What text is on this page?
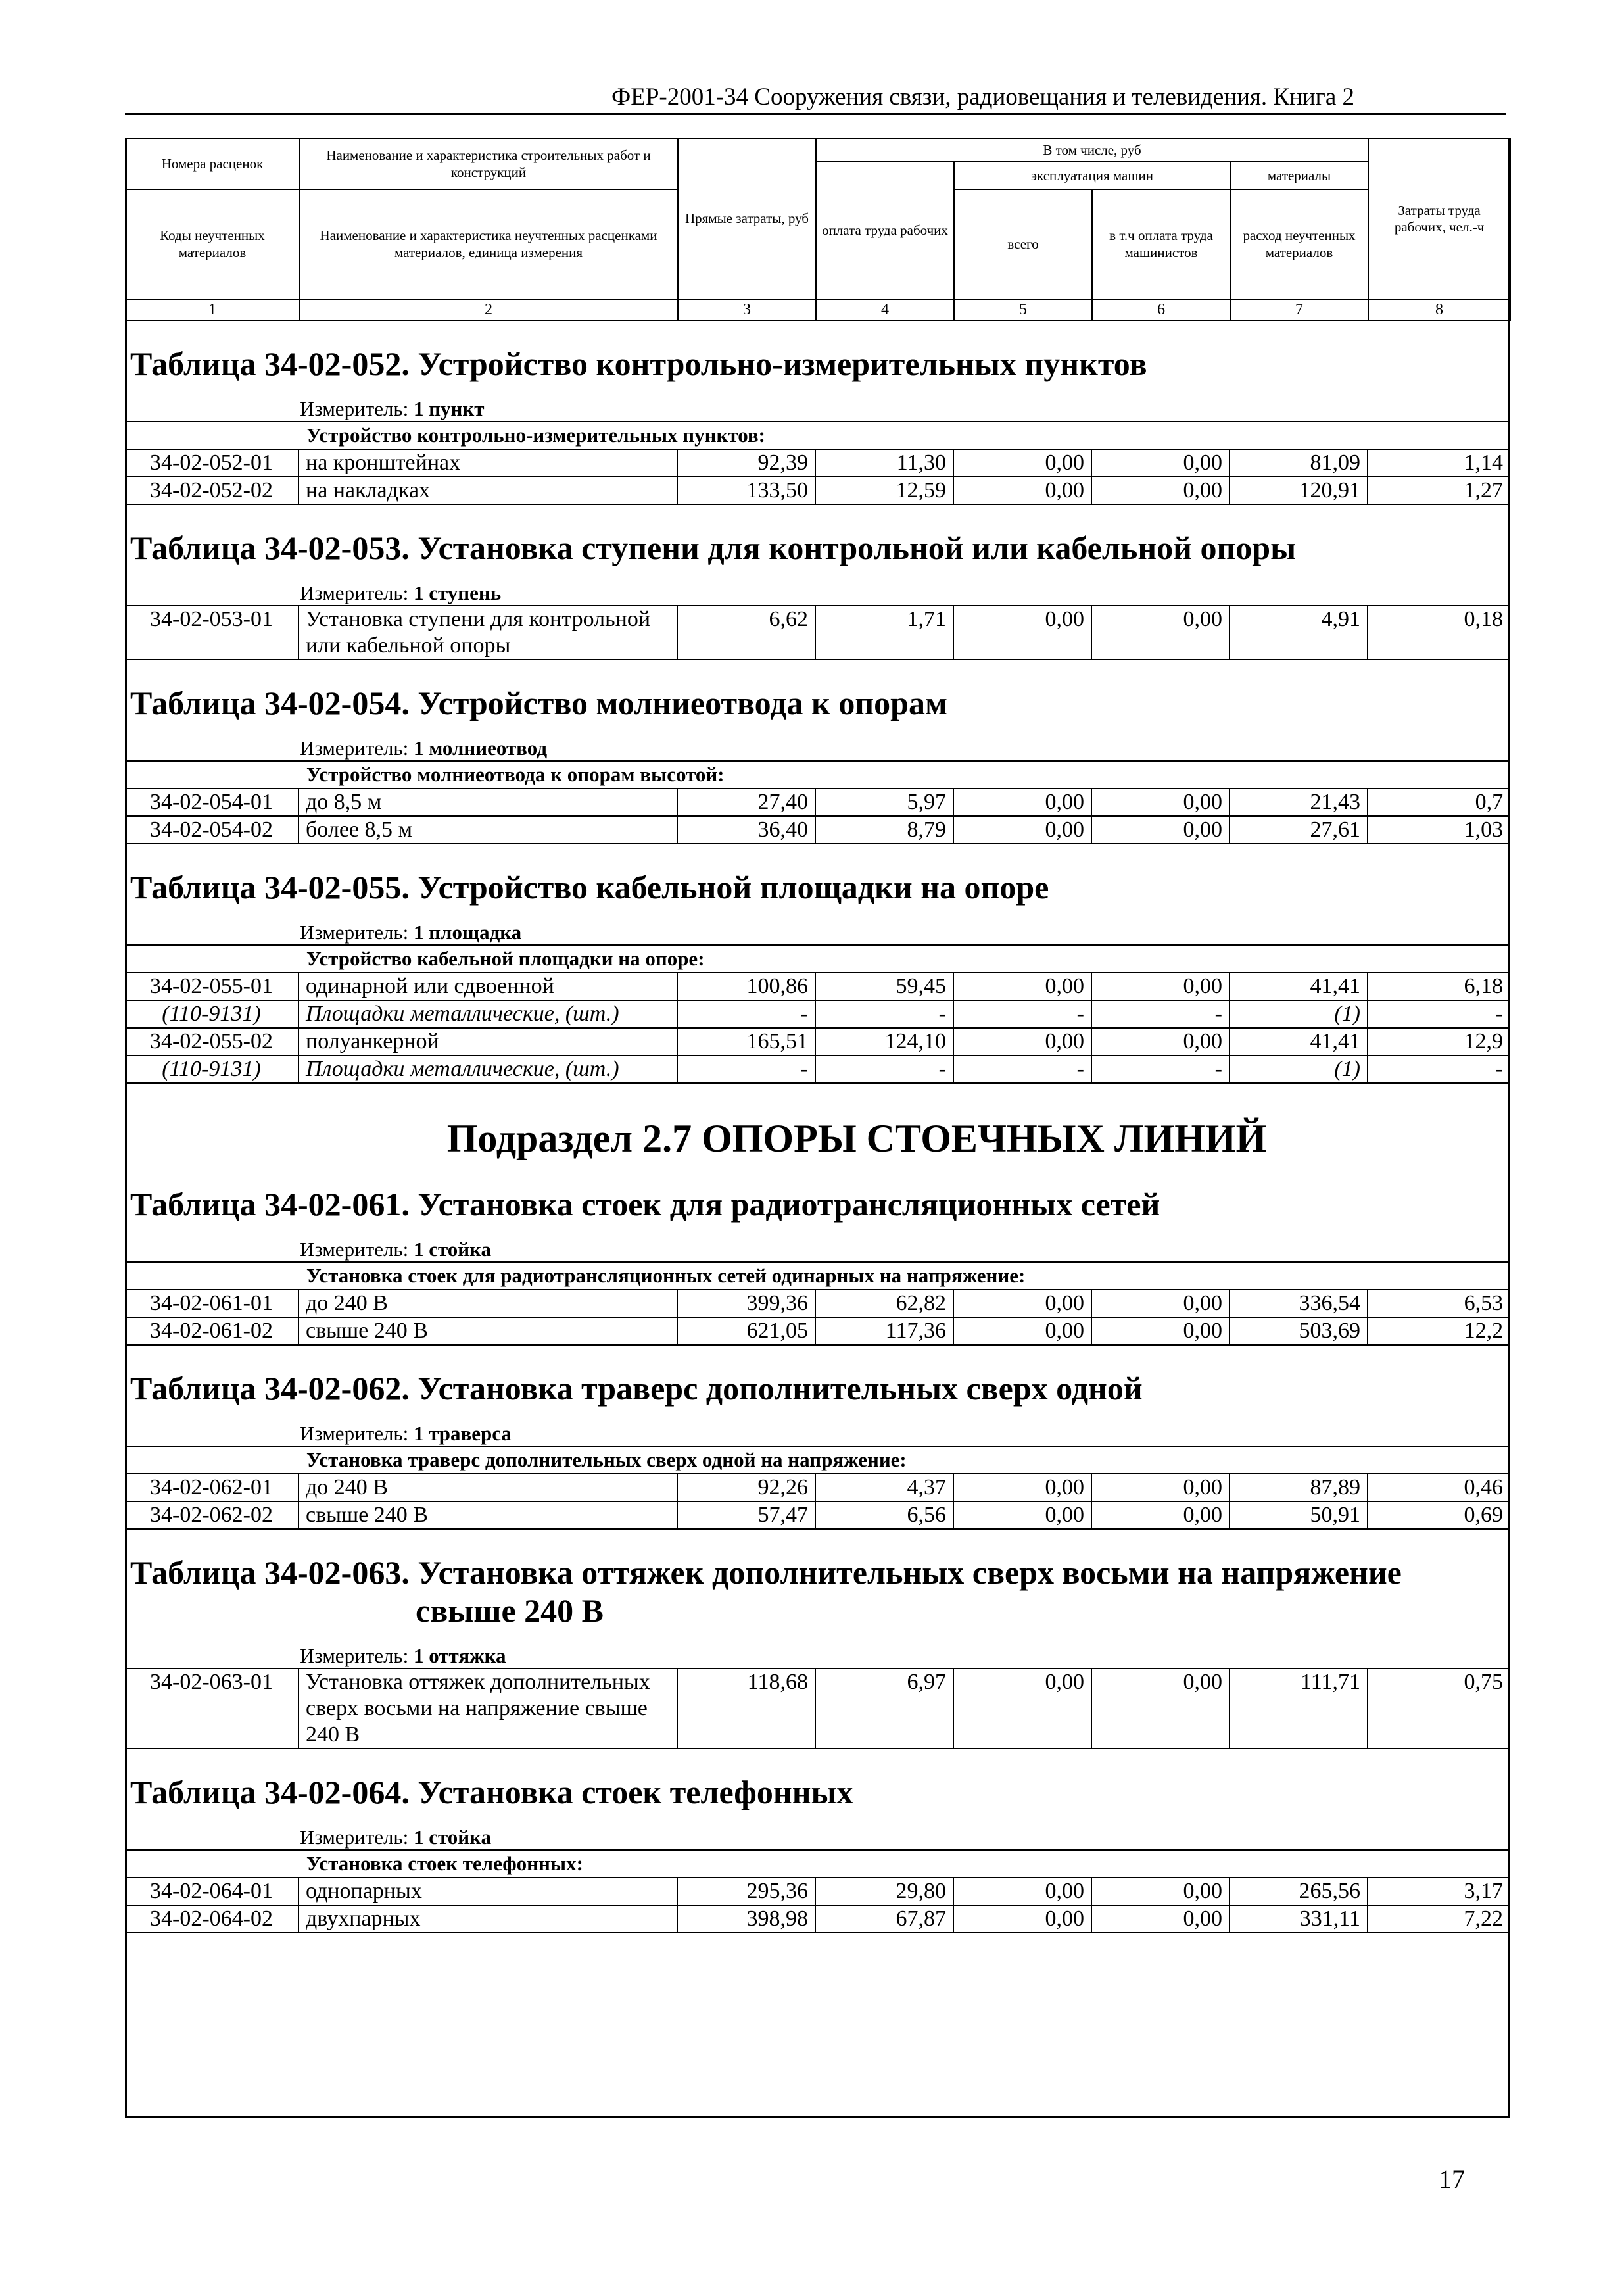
ФЕР-2001-34 Сооружения связи, радиовещания и телевидения. Книга 2
Номера расценок	Наименование и характеристика строительных работ и конструкций	Прямые затраты, руб	В том числе, руб				Затраты труда рабочих, чел.-ч
			оплата труда рабочих	эксплуатация машин		материалы	
Коды неучтенных материалов	Наименование и характеристика неучтенных расценками материалов, единица измерения			всего	в т.ч оплата труда машинистов	расход неучтенных материалов	

1	2	3	4	5	6	7	8
Таблица 34-02-052. Устройство контрольно-измерительных пунктов
Измеритель: 1 пункт
Устройство контрольно-измерительных пунктов:							
34-02-052-01	на кронштейнах	92,39	11,30	0,00	0,00	81,09	1,14
34-02-052-02	на накладках	133,50	12,59	0,00	0,00	120,91	1,27
Таблица 34-02-053. Установка ступени для контрольной или кабельной опоры
Измеритель: 1 ступень
34-02-053-01	Установка ступени для контрольной или кабельной опоры	6,62	1,71	0,00	0,00	4,91	0,18
Таблица 34-02-054. Устройство молниеотвода к опорам
Измеритель: 1 молниеотвод
Устройство молниеотвода к опорам высотой:							
34-02-054-01	до 8,5 м	27,40	5,97	0,00	0,00	21,43	0,7
34-02-054-02	более 8,5 м	36,40	8,79	0,00	0,00	27,61	1,03
Таблица 34-02-055. Устройство кабельной площадки на опоре
Измеритель: 1 площадка
Устройство кабельной площадки на опоре:							
34-02-055-01	одинарной или сдвоенной	100,86	59,45	0,00	0,00	41,41	6,18
(110-9131)	Площадки металлические, (шт.)	-	-	-	-	(1)	-
34-02-055-02	полуанкерной	165,51	124,10	0,00	0,00	41,41	12,9
(110-9131)	Площадки металлические, (шт.)	-	-	-	-	(1)	-
Подраздел 2.7 ОПОРЫ СТОЕЧНЫХ ЛИНИЙ
Таблица 34-02-061. Установка стоек для радиотрансляционных сетей
Измеритель: 1 стойка
Установка стоек для радиотрансляционных сетей одинарных на напряжение:							
34-02-061-01	до 240 В	399,36	62,82	0,00	0,00	336,54	6,53
34-02-061-02	свыше 240 В	621,05	117,36	0,00	0,00	503,69	12,2
Таблица 34-02-062. Установка траверс дополнительных сверх одной
Измеритель: 1 траверса
Установка траверс дополнительных сверх одной на напряжение:							
34-02-062-01	до 240 В	92,26	4,37	0,00	0,00	87,89	0,46
34-02-062-02	свыше 240 В	57,47	6,56	0,00	0,00	50,91	0,69
Таблица 34-02-063. Установка оттяжек дополнительных сверх восьми на напряжение
свыше 240 В
Измеритель: 1 оттяжка
34-02-063-01	Установка оттяжек дополнительных сверх восьми на напряжение свыше 240 В	118,68	6,97	0,00	0,00	111,71	0,75
Таблица 34-02-064. Установка стоек телефонных
Измеритель: 1 стойка
Установка стоек телефонных:							
34-02-064-01	однопарных	295,36	29,80	0,00	0,00	265,56	3,17
34-02-064-02	двухпарных	398,98	67,87	0,00	0,00	331,11	7,22
17
